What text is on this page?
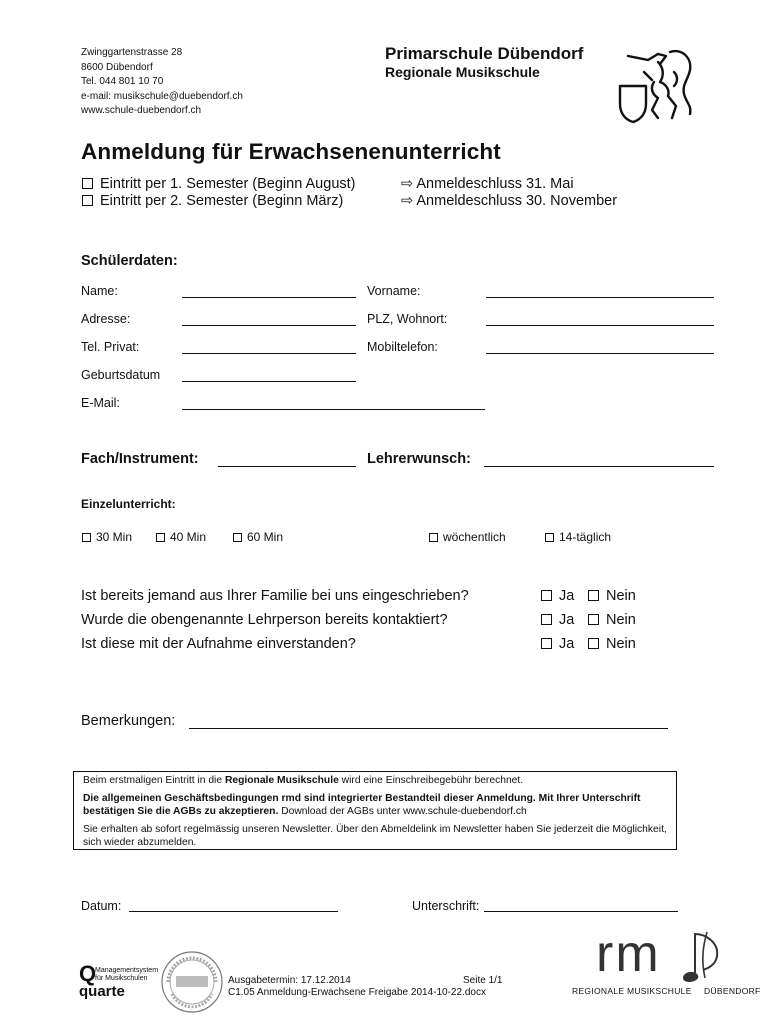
Zwinggartenstrasse 28
8600 Dübendorf
Tel. 044 801 10 70
e-mail: musikschule@duebendorf.ch
www.schule-duebendorf.ch
Primarschule Dübendorf
Regionale Musikschule
Anmeldung für Erwachsenenunterricht
Eintritt per 1. Semester (Beginn August)	⇨ Anmeldeschluss 31. Mai
Eintritt per 2. Semester (Beginn März)	⇨ Anmeldeschluss 30. November
Schülerdaten:
Name:	Vorname:
Adresse:	PLZ, Wohnort:
Tel. Privat:	Mobiltelefon:
Geburtsdatum
E-Mail:
Fach/Instrument:	Lehrerwunsch:
Einzelunterricht:
30 Min	40 Min	60 Min	wöchentlich	14-täglich
Ist bereits jemand aus Ihrer Familie bei uns eingeschrieben?	Ja	Nein
Wurde die obengenannte Lehrperson bereits kontaktiert?	Ja	Nein
Ist diese mit der Aufnahme einverstanden?	Ja	Nein
Bemerkungen:

Beim erstmaligen Eintritt in die Regionale Musikschule wird eine Einschreibegebühr berechnet.

Die allgemeinen Geschäftsbedingungen rmd sind integrierter Bestandteil dieser Anmeldung. Mit Ihrer Unterschrift bestätigen Sie die AGBs zu akzeptieren. Download der AGBs unter www.schule-duebendorf.ch

Sie erhalten ab sofort regelmässig unseren Newsletter. Über den Abmeldelink im Newsletter haben Sie jederzeit die Möglichkeit, sich wieder abzumelden.

Datum:	Unterschrift:
Q
Managementsystem
für Musikschulen
quarte
Ausgabetermin: 17.12.2014	Seite 1/1
C1.05 Anmeldung-Erwachsene Freigabe 2014-10-22.docx
rm
REGIONALE MUSIKSCHULE DÜBENDORF
